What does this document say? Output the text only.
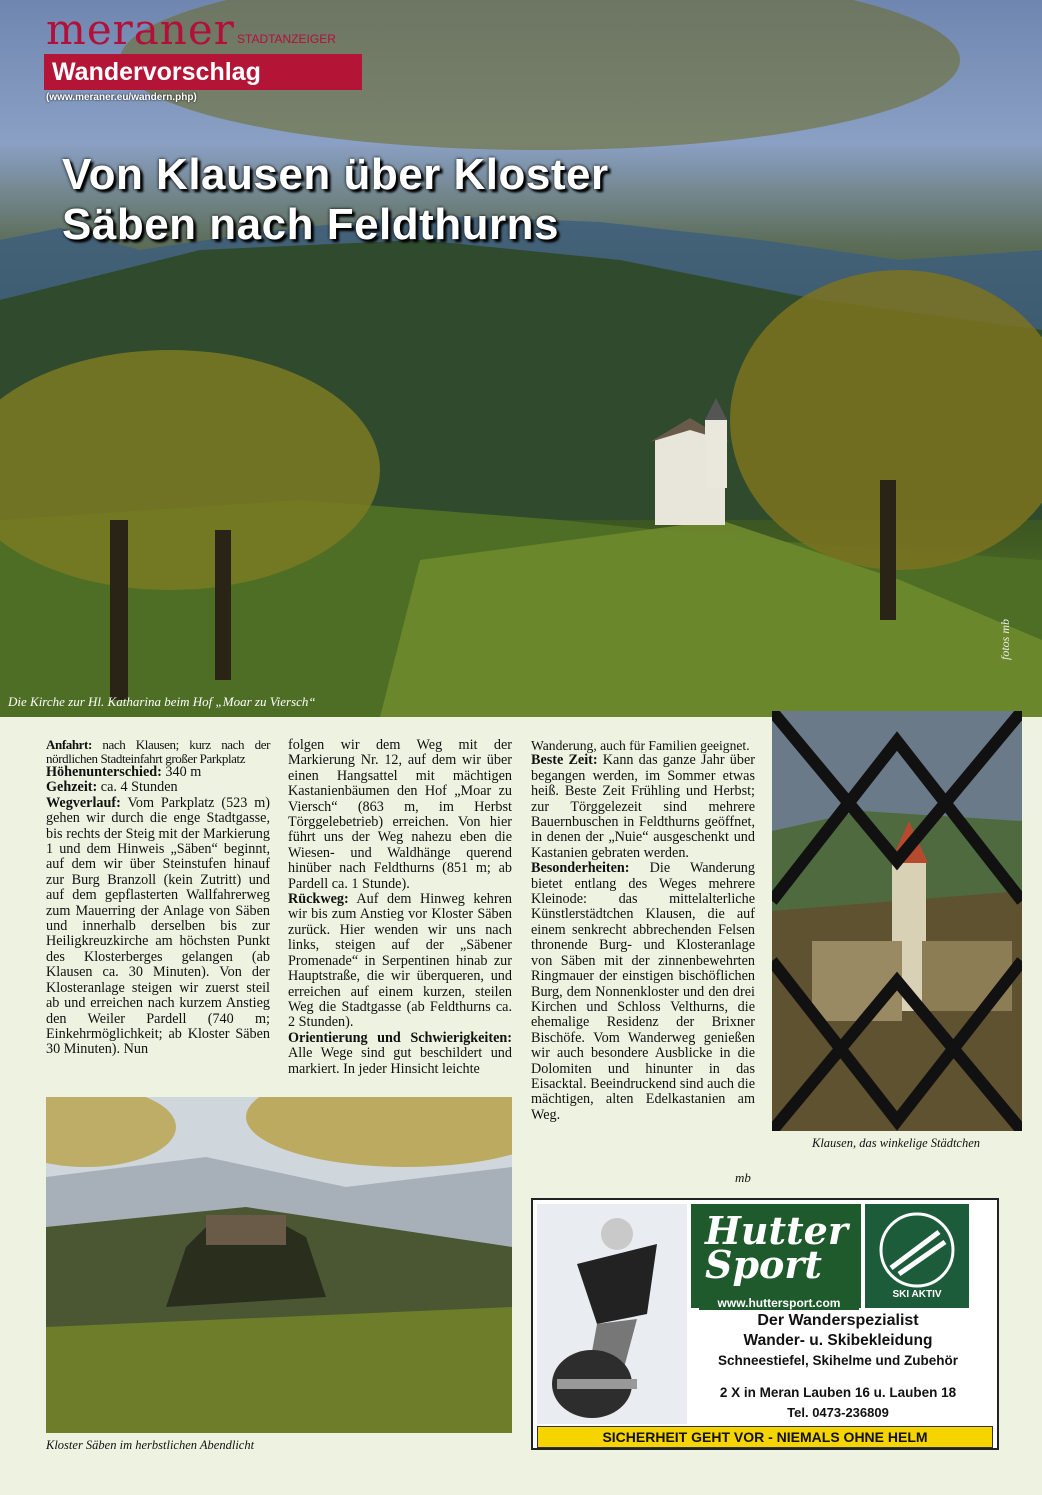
meraner STADTANZEIGER
Wandervorschlag
(www.meraner.eu/wandern.php)
Von Klausen über Kloster
Säben nach Feldthurns
Die Kirche zur Hl. Katharina beim Hof „Moar zu Viersch“
fotos mb

Anfahrt: nach Klausen; kurz nach der nördlichen Stadteinfahrt großer Parkplatz

Höhenunterschied: 340 m

Gehzeit: ca. 4 Stunden

Wegverlauf: Vom Parkplatz (523 m) gehen wir durch die enge Stadtgasse, bis rechts der Steig mit der Markierung 1 und dem Hinweis „Säben“ beginnt, auf dem wir über Steinstufen hinauf zur Burg Branzoll (kein Zutritt) und auf dem gepflasterten Wallfahrerweg zum Mauerring der Anlage von Säben und innerhalb derselben bis zur Heiligkreuzkirche am höchsten Punkt des Klosterberges gelangen (ab Klausen ca. 30 Minuten). Von der Klosteranlage steigen wir zuerst steil ab und erreichen nach kurzem Anstieg den Weiler Pardell (740 m; Einkehrmöglichkeit; ab Kloster Säben 30 Minuten). Nun

folgen wir dem Weg mit der Markierung Nr. 12, auf dem wir über einen Hangsattel mit mächtigen Kastanienbäumen den Hof „Moar zu Viersch“ (863 m, im Herbst Törggelebetrieb) erreichen. Von hier führt uns der Weg nahezu eben die Wiesen- und Waldhänge querend hinüber nach Feldthurns (851 m; ab Pardell ca. 1 Stunde).

Rückweg: Auf dem Hinweg kehren wir bis zum Anstieg vor Kloster Säben zurück. Hier wenden wir uns nach links, steigen auf der „Säbener Promenade“ in Serpentinen hinab zur Hauptstraße, die wir überqueren, und erreichen auf einem kurzen, steilen Weg die Stadtgasse (ab Feldthurns ca. 2 Stunden).

Orientierung und Schwierigkeiten: Alle Wege sind gut beschildert und markiert. In jeder Hinsicht leichte

Wanderung, auch für Familien geeignet.

Beste Zeit: Kann das ganze Jahr über begangen werden, im Sommer etwas heiß. Beste Zeit Frühling und Herbst; zur Törggelezeit sind mehrere Bauernbuschen in Feldthurns geöffnet, in denen der „Nuie“ ausgeschenkt und Kastanien gebraten werden.

Besonderheiten: Die Wanderung bietet entlang des Weges mehrere Kleinode: das mittelalterliche Künstlerstädtchen Klausen, die auf einem senkrecht abbrechenden Felsen thronende Burg- und Klosteranlage von Säben mit der zinnenbewehrten Ringmauer der einstigen bischöflichen Burg, dem Nonnenkloster und den drei Kirchen und Schloss Velthurns, die ehemalige Residenz der Brixner Bischöfe. Vom Wanderweg genießen wir auch besondere Ausblicke in die Dolomiten und hinunter in das Eisacktal. Beeindruckend sind auch die mächtigen, alten Edelkastanien am Weg.

mb
Klausen, das winkelige Städtchen
Kloster Säben im herbstlichen Abendlicht
Hutter Sport
www.huttersport.com
SKI AKTIV
Der Wanderspezialist
Wander- u. Skibekleidung
Schneestiefel, Skihelme und Zubehör
2 X in Meran Lauben 16 u. Lauben 18
Tel. 0473-236809
SICHERHEIT GEHT VOR - NIEMALS OHNE HELM
